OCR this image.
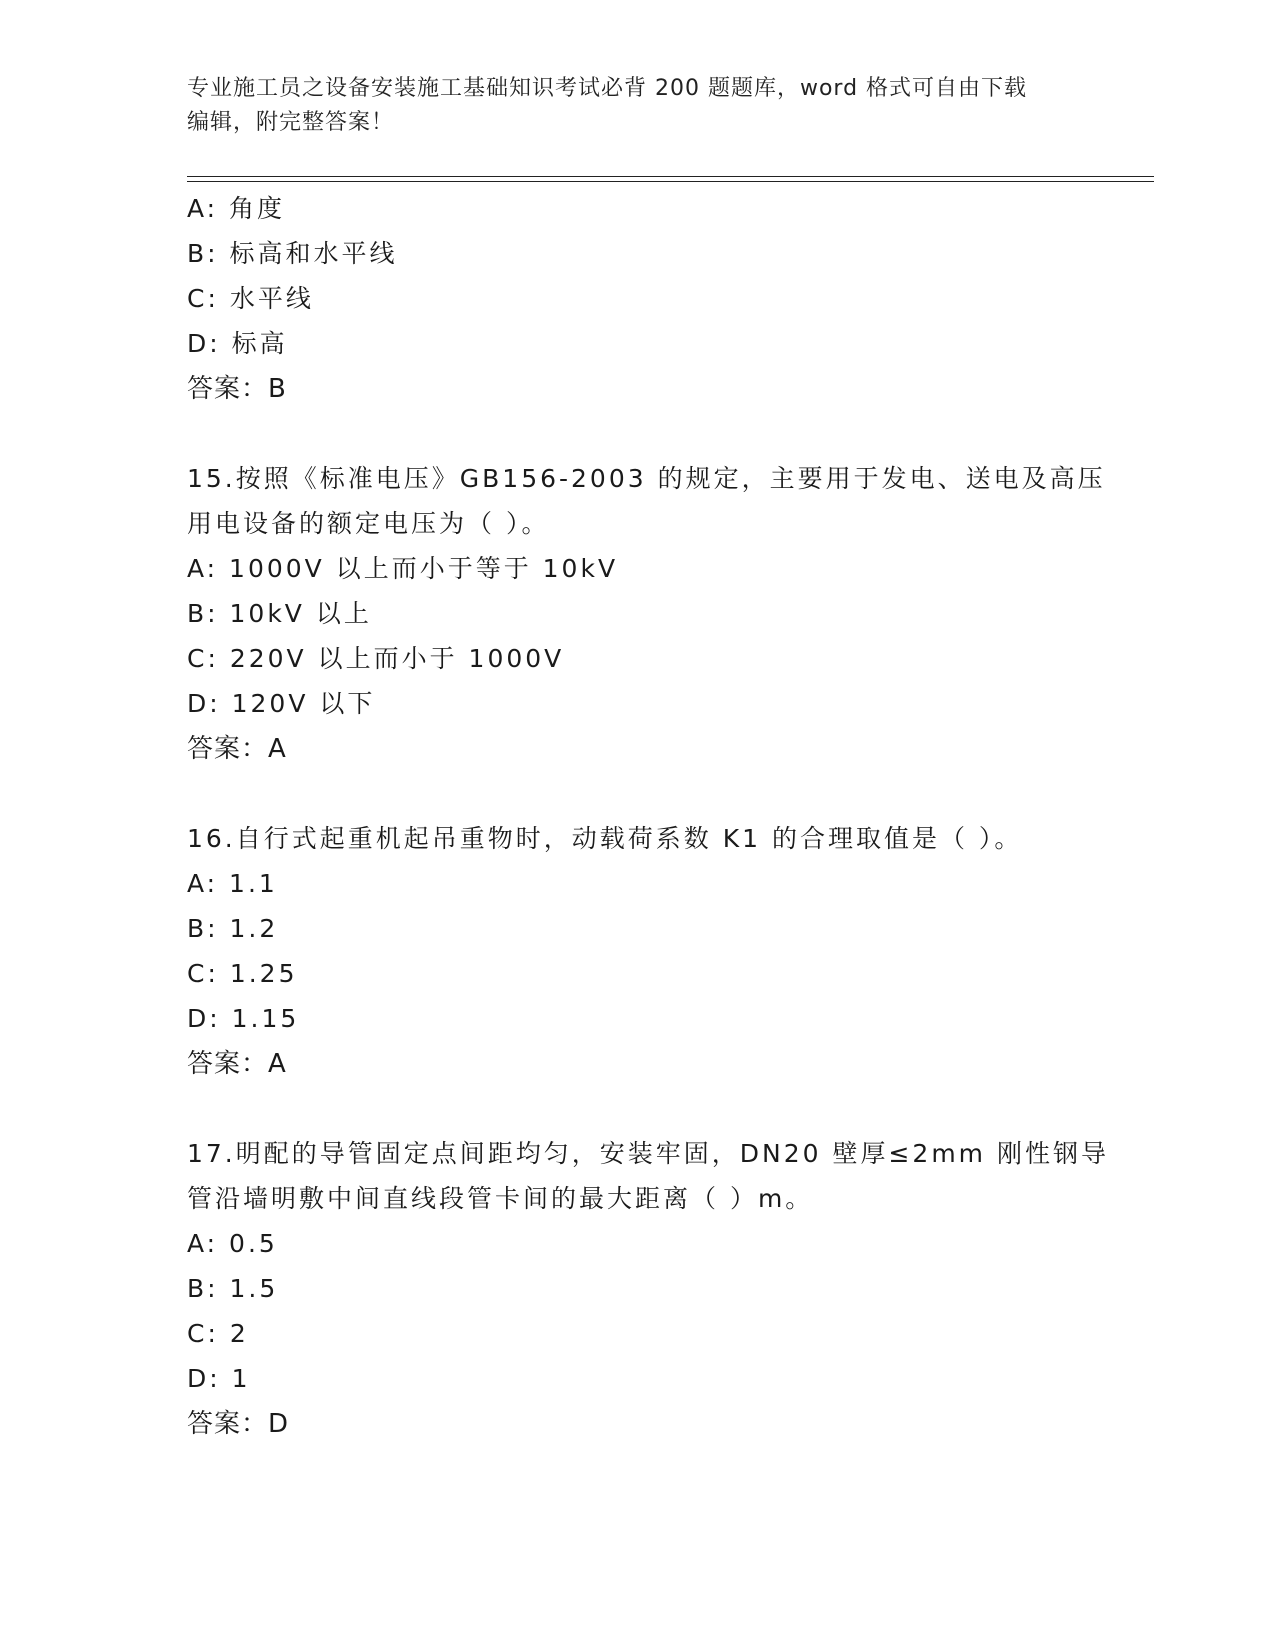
专业施工员之设备安装施工基础知识考试必背 200 题题库，word 格式可自由下载
编辑，附完整答案！
A: 角度
B: 标高和水平线
C: 水平线
D: 标高
答案：B
15.按照《标准电压》GB156-2003 的规定，主要用于发电、送电及高压
用电设备的额定电压为（ ）。
A: 1000V 以上而小于等于 10kV
B: 10kV 以上
C: 220V 以上而小于 1000V
D: 120V 以下
答案：A
16.自行式起重机起吊重物时，动载荷系数 K1 的合理取值是（ ）。
A: 1.1
B: 1.2
C: 1.25
D: 1.15
答案：A
17.明配的导管固定点间距均匀，安装牢固，DN20 壁厚≤2mm 刚性钢导
管沿墙明敷中间直线段管卡间的最大距离（ ）m。
A: 0.5
B: 1.5
C: 2
D: 1
答案：D
